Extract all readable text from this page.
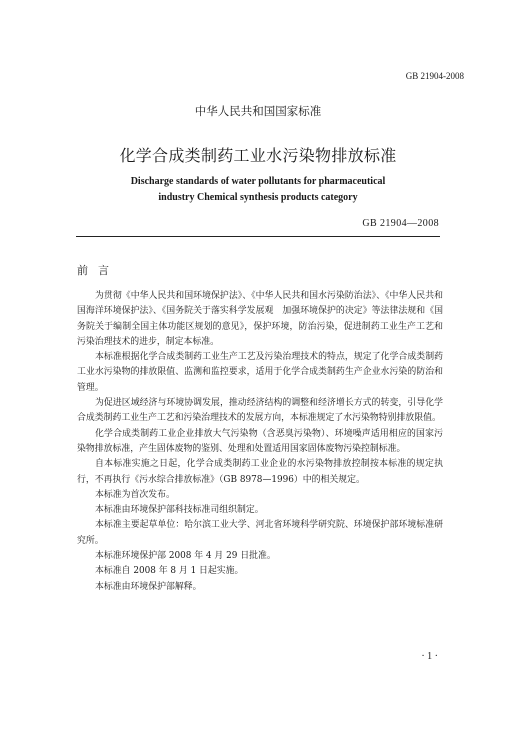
GB 21904-2008
中华人民共和国国家标准
化学合成类制药工业水污染物排放标准
Discharge standards of water pollutants for pharmaceutical
industry Chemical synthesis products category
GB 21904—2008
前言

为贯彻《中华人民共和国环境保护法》、《中华人民共和国水污染防治法》、《中华人民共和国海洋环境保护法》、《国务院关于落实科学发展观　加强环境保护的决定》等法律法规和《国务院关于编制全国主体功能区规划的意见》，保护环境，防治污染，促进制药工业生产工艺和污染治理技术的进步，制定本标准。

本标准根据化学合成类制药工业生产工艺及污染治理技术的特点，规定了化学合成类制药工业水污染物的排放限值、监测和监控要求，适用于化学合成类制药生产企业水污染的防治和管理。

为促进区域经济与环境协调发展，推动经济结构的调整和经济增长方式的转变，引导化学合成类制药工业生产工艺和污染治理技术的发展方向，本标准规定了水污染物特别排放限值。

化学合成类制药工业企业排放大气污染物（含恶臭污染物）、环境噪声适用相应的国家污染物排放标准，产生固体废物的鉴别、处理和处置适用国家固体废物污染控制标准。

自本标准实施之日起，化学合成类制药工业企业的水污染物排放控制按本标准的规定执行，不再执行《污水综合排放标准》（GB 8978—1996）中的相关规定。

本标准为首次发布。

本标准由环境保护部科技标准司组织制定。

本标准主要起草单位：哈尔滨工业大学、河北省环境科学研究院、环境保护部环境标准研究所。

本标准环境保护部 2008 年 4 月 29 日批准。

本标准自 2008 年 8 月 1 日起实施。

本标准由环境保护部解释。

· 1 ·
